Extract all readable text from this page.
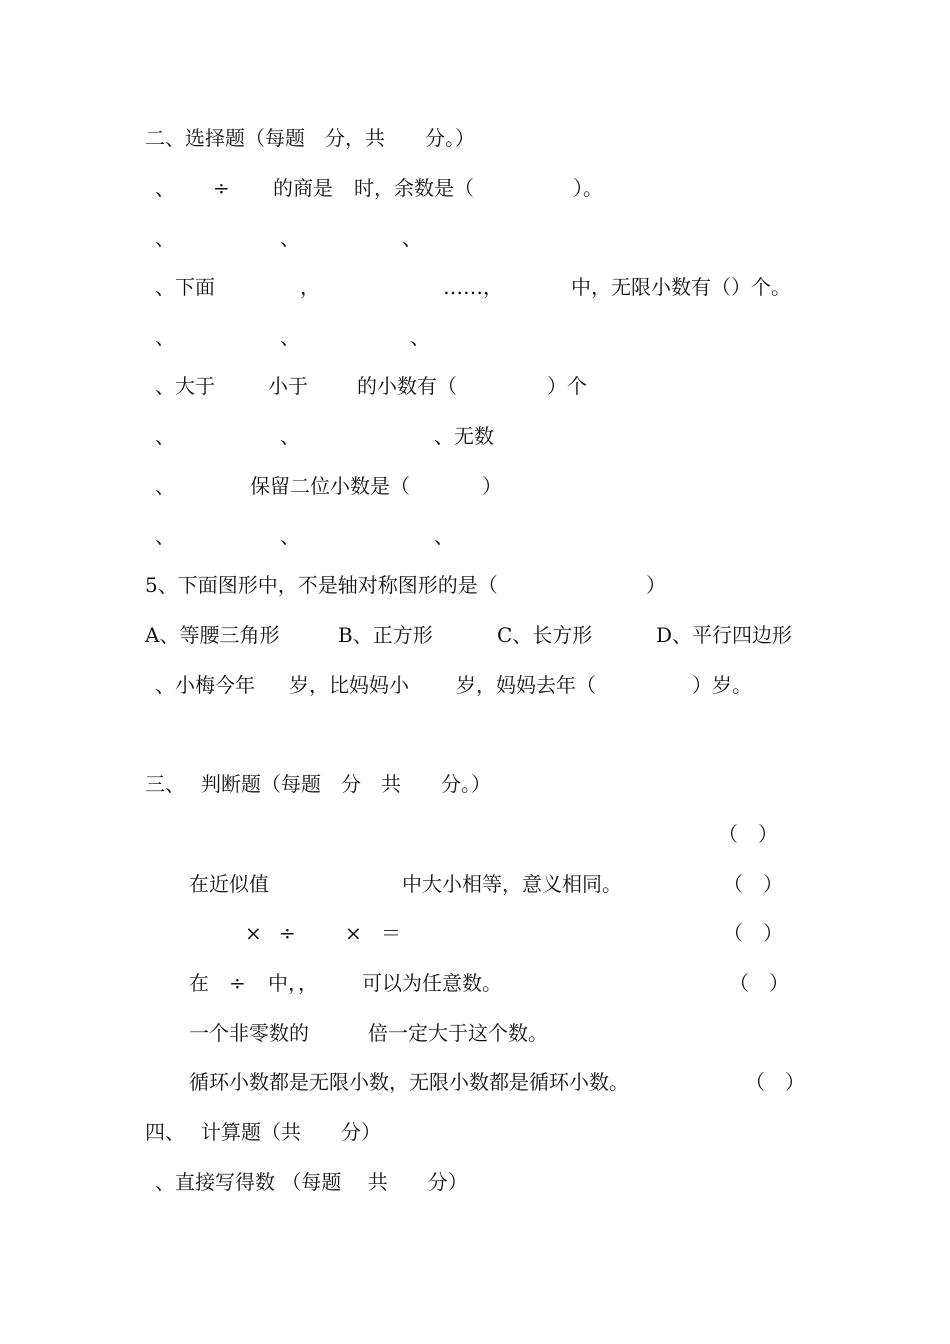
二、选择题（每题　分，共　　分。）
、 ÷ 的商是 时，余数是（	）。
、	、	、
、下面	，	……，	中，无限小数有（）个。
、	、	、
、大于	小于 的小数有（	）个
、	、	、无数
、	保留二位小数是（	）
、	、	、
5、下面图形中，不是轴对称图形的是（	）
A、等腰三角形	B、正方形	C、长方形	D、平行四边形
、小梅今年 岁，比妈妈小 岁，妈妈去年（	）岁。
三、 判断题（每题　分　共　　分。）
（　）
在近似值	中大小相等，意义相同。	（　）
× ÷ × ＝	（　）
在 ÷ 中，， 可以为任意数。	（　）
一个非零数的	倍一定大于这个数。
循环小数都是无限小数，无限小数都是循环小数。	（　）
四、 计算题（共　　分）
、直接写得数 （每题　 共　　分）
